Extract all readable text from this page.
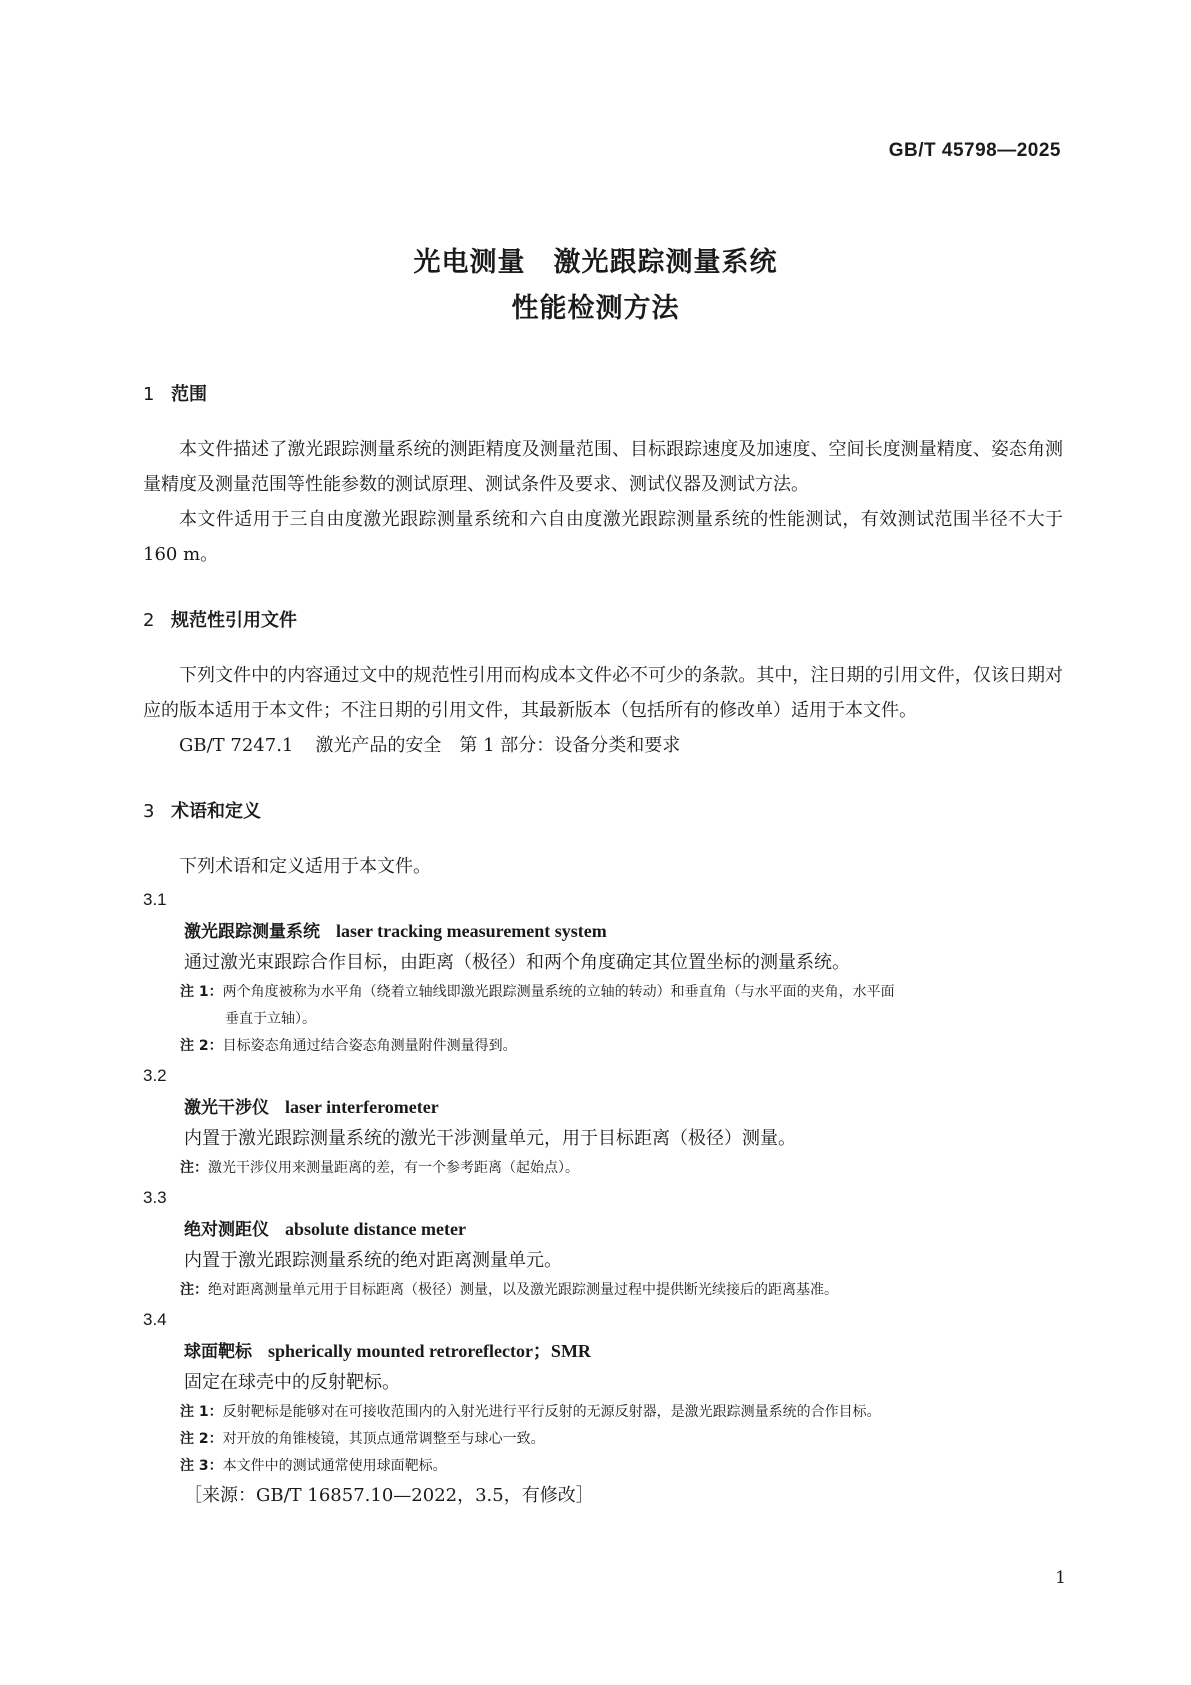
GB/T 45798—2025
光电测量　激光跟踪测量系统
性能检测方法
1 范围

本文件描述了激光跟踪测量系统的测距精度及测量范围、目标跟踪速度及加速度、空间长度测量精度、姿态角测量精度及测量范围等性能参数的测试原理、测试条件及要求、测试仪器及测试方法。

本文件适用于三自由度激光跟踪测量系统和六自由度激光跟踪测量系统的性能测试，有效测试范围半径不大于 160 m。

2 规范性引用文件

下列文件中的内容通过文中的规范性引用而构成本文件必不可少的条款。其中，注日期的引用文件，仅该日期对应的版本适用于本文件；不注日期的引用文件，其最新版本（包括所有的修改单）适用于本文件。

GB/T 7247.1 激光产品的安全　第 1 部分：设备分类和要求
3 术语和定义

下列术语和定义适用于本文件。

3.1
激光跟踪测量系统 laser tracking measurement system
通过激光束跟踪合作目标，由距离（极径）和两个角度确定其位置坐标的测量系统。
注 1：两个角度被称为水平角（绕着立轴线即激光跟踪测量系统的立轴的转动）和垂直角（与水平面的夹角，水平面
垂直于立轴）。
注 2：目标姿态角通过结合姿态角测量附件测量得到。
3.2
激光干涉仪 laser interferometer
内置于激光跟踪测量系统的激光干涉测量单元，用于目标距离（极径）测量。
注：激光干涉仪用来测量距离的差，有一个参考距离（起始点）。
3.3
绝对测距仪 absolute distance meter
内置于激光跟踪测量系统的绝对距离测量单元。
注：绝对距离测量单元用于目标距离（极径）测量，以及激光跟踪测量过程中提供断光续接后的距离基准。
3.4
球面靶标 spherically mounted retroreflector；SMR
固定在球壳中的反射靶标。
注 1：反射靶标是能够对在可接收范围内的入射光进行平行反射的无源反射器，是激光跟踪测量系统的合作目标。
注 2：对开放的角锥棱镜，其顶点通常调整至与球心一致。
注 3：本文件中的测试通常使用球面靶标。
［来源：GB/T 16857.10—2022，3.5，有修改］
1
